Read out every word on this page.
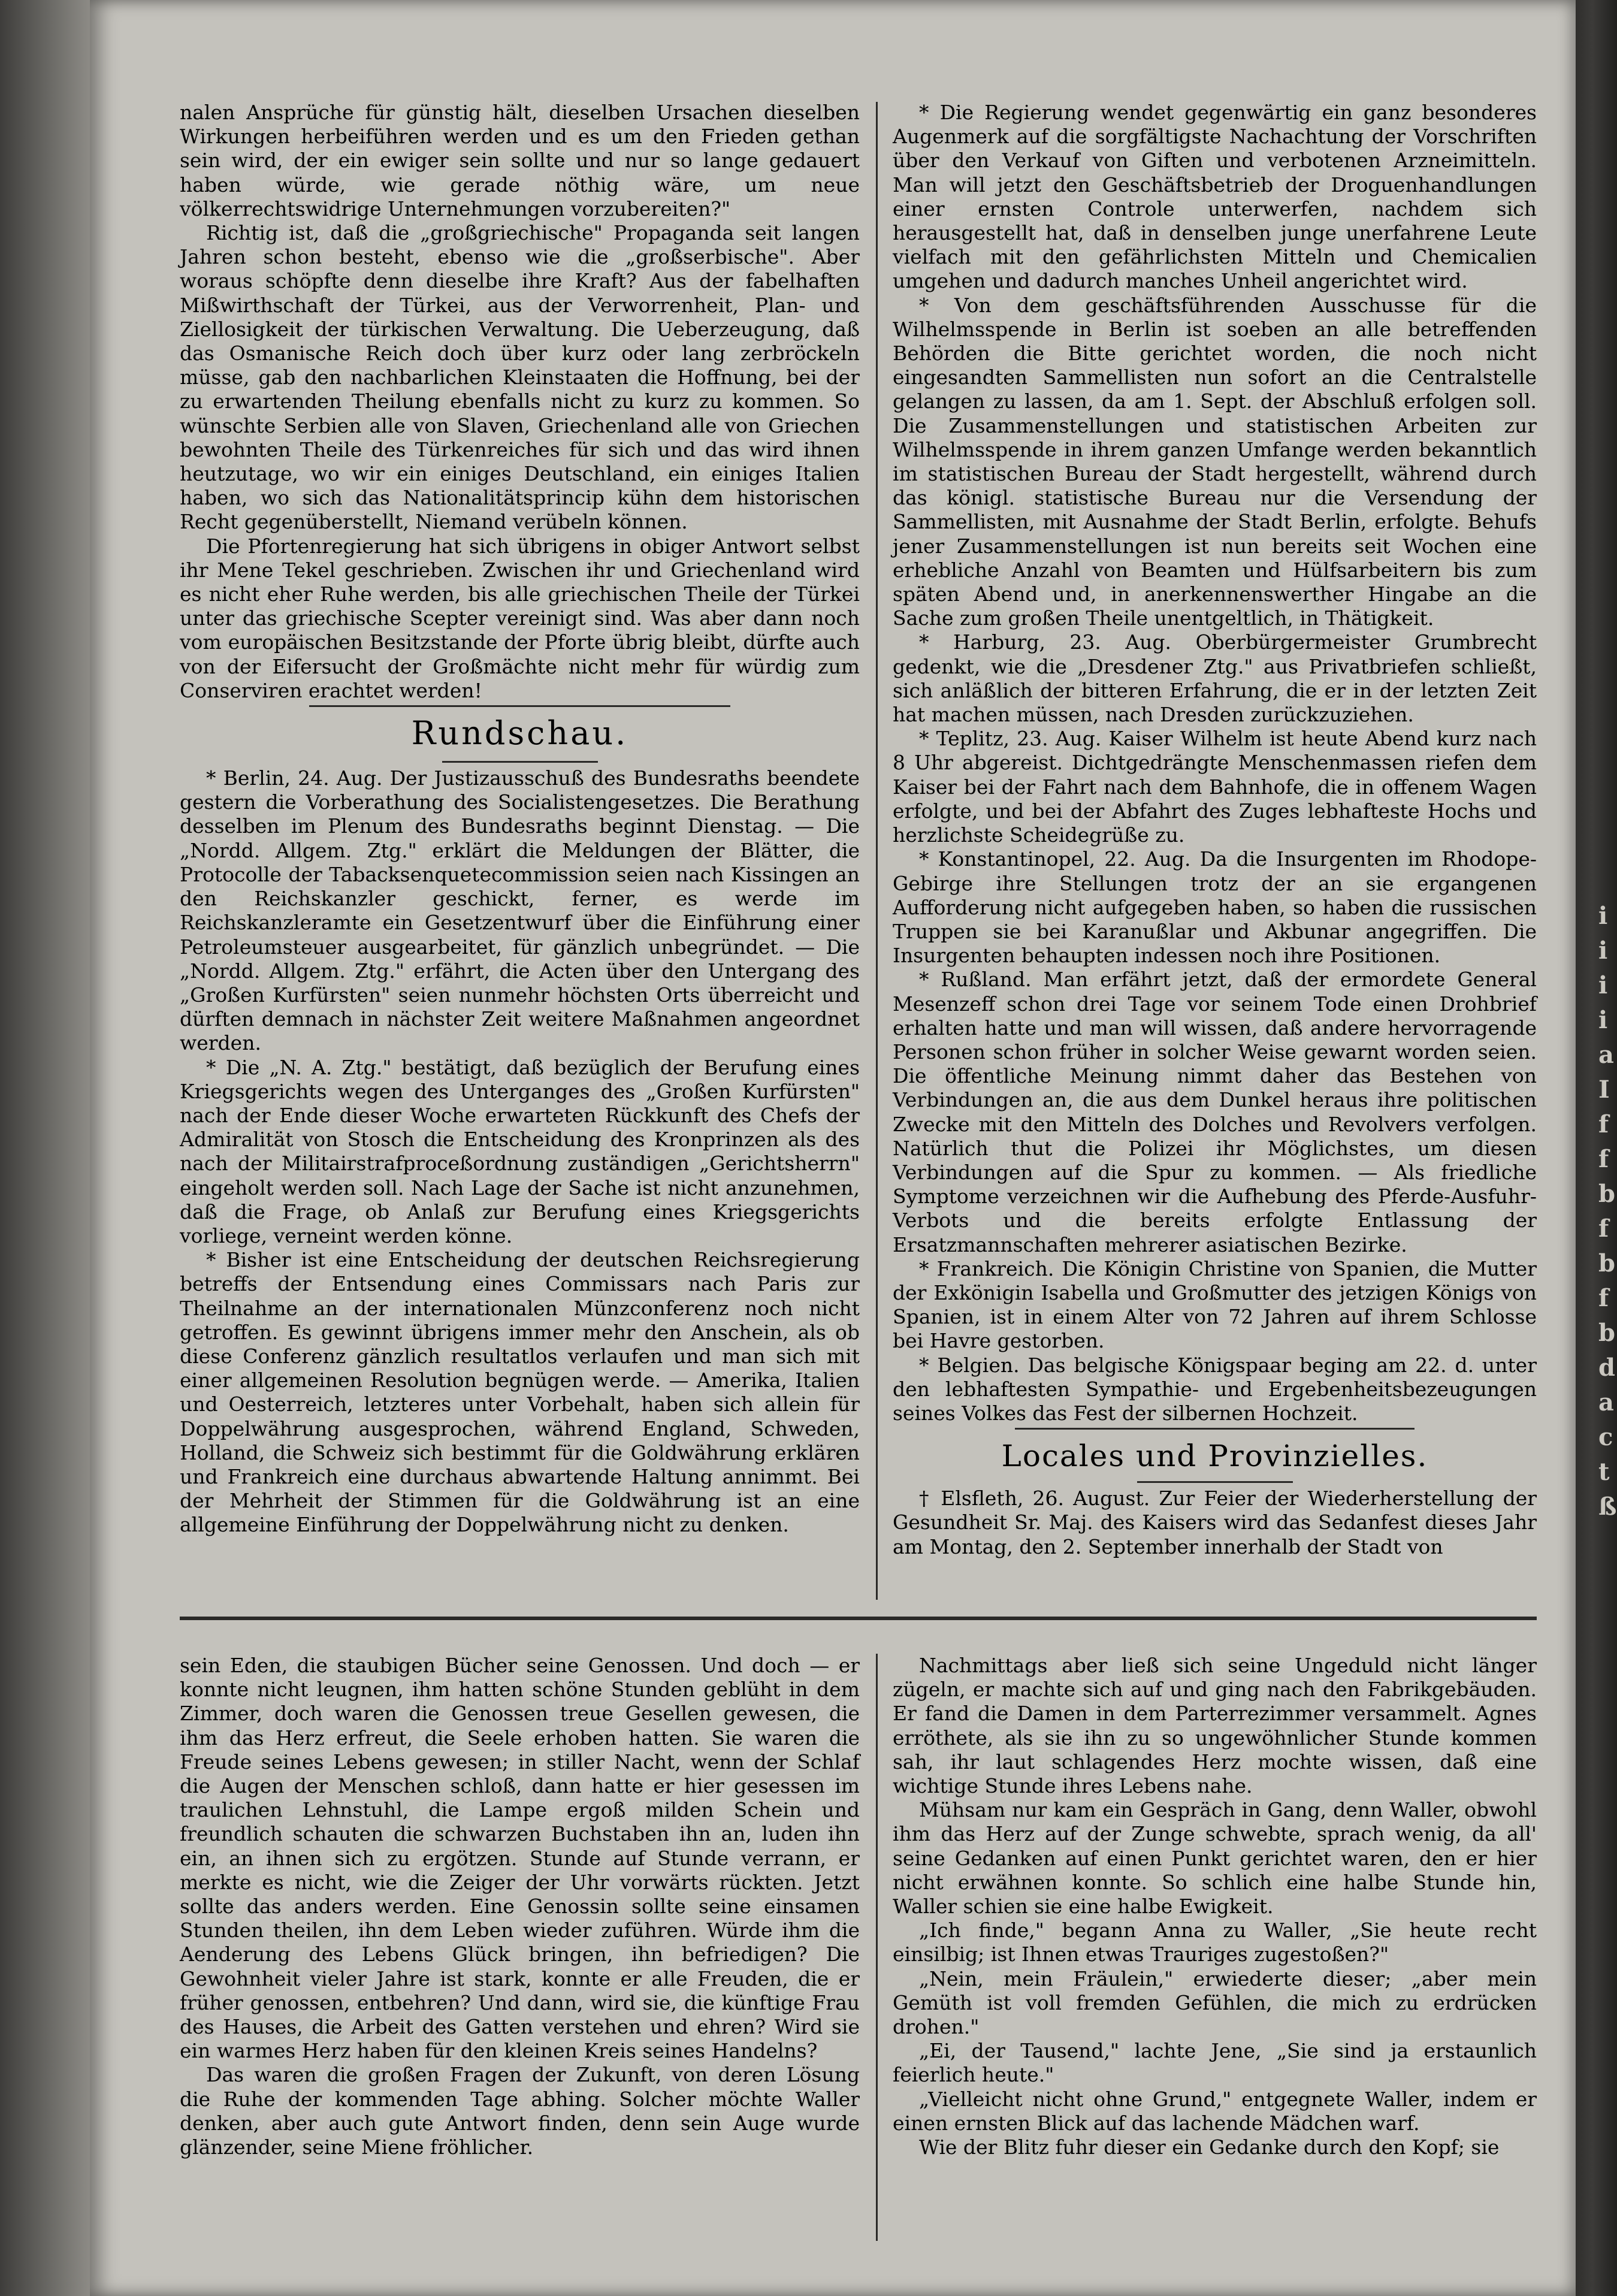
nalen Ansprüche für günstig hält, dieselben Ursachen dieselben Wirkungen herbeiführen werden und es um den Frieden gethan sein wird, der ein ewiger sein sollte und nur so lange gedauert haben würde, wie gerade nöthig wäre, um neue völkerrechtswidrige Unternehmungen vorzubereiten?"

Richtig ist, daß die „großgriechische" Propaganda seit langen Jahren schon besteht, ebenso wie die „großserbische". Aber woraus schöpfte denn dieselbe ihre Kraft? Aus der fabelhaften Mißwirthschaft der Türkei, aus der Verworrenheit, Plan- und Ziellosigkeit der türkischen Verwaltung. Die Ueberzeugung, daß das Osmanische Reich doch über kurz oder lang zerbröckeln müsse, gab den nachbarlichen Kleinstaaten die Hoffnung, bei der zu erwartenden Theilung ebenfalls nicht zu kurz zu kommen. So wünschte Serbien alle von Slaven, Griechenland alle von Griechen bewohnten Theile des Türkenreiches für sich und das wird ihnen heutzutage, wo wir ein einiges Deutschland, ein einiges Italien haben, wo sich das Nationalitätsprincip kühn dem historischen Recht gegenüberstellt, Niemand verübeln können.

Die Pfortenregierung hat sich übrigens in obiger Antwort selbst ihr Mene Tekel geschrieben. Zwischen ihr und Griechenland wird es nicht eher Ruhe werden, bis alle griechischen Theile der Türkei unter das griechische Scepter vereinigt sind. Was aber dann noch vom europäischen Besitzstande der Pforte übrig bleibt, dürfte auch von der Eifersucht der Großmächte nicht mehr für würdig zum Conserviren erachtet werden!

Rundschau.

* Berlin, 24. Aug. Der Justizausschuß des Bundesraths beendete gestern die Vorberathung des Socialistengesetzes. Die Berathung desselben im Plenum des Bundesraths beginnt Dienstag. — Die „Nordd. Allgem. Ztg." erklärt die Meldungen der Blätter, die Protocolle der Tabacksenquetecommission seien nach Kissingen an den Reichskanzler geschickt, ferner, es werde im Reichskanzleramte ein Gesetzentwurf über die Einführung einer Petroleumsteuer ausgearbeitet, für gänzlich unbegründet. — Die „Nordd. Allgem. Ztg." erfährt, die Acten über den Untergang des „Großen Kurfürsten" seien nunmehr höchsten Orts überreicht und dürften demnach in nächster Zeit weitere Maßnahmen angeordnet werden.

* Die „N. A. Ztg." bestätigt, daß bezüglich der Berufung eines Kriegsgerichts wegen des Unterganges des „Großen Kurfürsten" nach der Ende dieser Woche erwarteten Rückkunft des Chefs der Admiralität von Stosch die Entscheidung des Kronprinzen als des nach der Militairstrafproceßordnung zuständigen „Gerichtsherrn" eingeholt werden soll. Nach Lage der Sache ist nicht anzunehmen, daß die Frage, ob Anlaß zur Berufung eines Kriegsgerichts vorliege, verneint werden könne.

* Bisher ist eine Entscheidung der deutschen Reichsregierung betreffs der Entsendung eines Commissars nach Paris zur Theilnahme an der internationalen Münzconferenz noch nicht getroffen. Es gewinnt übrigens immer mehr den Anschein, als ob diese Conferenz gänzlich resultatlos verlaufen und man sich mit einer allgemeinen Resolution begnügen werde. — Amerika, Italien und Oesterreich, letzteres unter Vorbehalt, haben sich allein für Doppelwährung ausgesprochen, während England, Schweden, Holland, die Schweiz sich bestimmt für die Goldwährung erklären und Frankreich eine durchaus abwartende Haltung annimmt. Bei der Mehrheit der Stimmen für die Goldwährung ist an eine allgemeine Einführung der Doppelwährung nicht zu denken.

* Die Regierung wendet gegenwärtig ein ganz besonderes Augenmerk auf die sorgfältigste Nachachtung der Vorschriften über den Verkauf von Giften und verbotenen Arzneimitteln. Man will jetzt den Geschäftsbetrieb der Droguenhandlungen einer ernsten Controle unterwerfen, nachdem sich herausgestellt hat, daß in denselben junge unerfahrene Leute vielfach mit den gefährlichsten Mitteln und Chemicalien umgehen und dadurch manches Unheil angerichtet wird.

* Von dem geschäftsführenden Ausschusse für die Wilhelmsspende in Berlin ist soeben an alle betreffenden Behörden die Bitte gerichtet worden, die noch nicht eingesandten Sammellisten nun sofort an die Centralstelle gelangen zu lassen, da am 1. Sept. der Abschluß erfolgen soll. Die Zusammenstellungen und statistischen Arbeiten zur Wilhelmsspende in ihrem ganzen Umfange werden bekanntlich im statistischen Bureau der Stadt hergestellt, während durch das königl. statistische Bureau nur die Versendung der Sammellisten, mit Ausnahme der Stadt Berlin, erfolgte. Behufs jener Zusammenstellungen ist nun bereits seit Wochen eine erhebliche Anzahl von Beamten und Hülfsarbeitern bis zum späten Abend und, in anerkennenswerther Hingabe an die Sache zum großen Theile unentgeltlich, in Thätigkeit.

* Harburg, 23. Aug. Oberbürgermeister Grumbrecht gedenkt, wie die „Dresdener Ztg." aus Privatbriefen schließt, sich anläßlich der bitteren Erfahrung, die er in der letzten Zeit hat machen müssen, nach Dresden zurückzuziehen.

* Teplitz, 23. Aug. Kaiser Wilhelm ist heute Abend kurz nach 8 Uhr abgereist. Dichtgedrängte Menschenmassen riefen dem Kaiser bei der Fahrt nach dem Bahnhofe, die in offenem Wagen erfolgte, und bei der Abfahrt des Zuges lebhafteste Hochs und herzlichste Scheidegrüße zu.

* Konstantinopel, 22. Aug. Da die Insurgenten im Rhodope-Gebirge ihre Stellungen trotz der an sie ergangenen Aufforderung nicht aufgegeben haben, so haben die russischen Truppen sie bei Karanußlar und Akbunar angegriffen. Die Insurgenten behaupten indessen noch ihre Positionen.

* Rußland. Man erfährt jetzt, daß der ermordete General Mesenzeff schon drei Tage vor seinem Tode einen Drohbrief erhalten hatte und man will wissen, daß andere hervorragende Personen schon früher in solcher Weise gewarnt worden seien. Die öffentliche Meinung nimmt daher das Bestehen von Verbindungen an, die aus dem Dunkel heraus ihre politischen Zwecke mit den Mitteln des Dolches und Revolvers verfolgen. Natürlich thut die Polizei ihr Möglichstes, um diesen Verbindungen auf die Spur zu kommen. — Als friedliche Symptome verzeichnen wir die Aufhebung des Pferde-Ausfuhr-Verbots und die bereits erfolgte Entlassung der Ersatzmannschaften mehrerer asiatischen Bezirke.

* Frankreich. Die Königin Christine von Spanien, die Mutter der Exkönigin Isabella und Großmutter des jetzigen Königs von Spanien, ist in einem Alter von 72 Jahren auf ihrem Schlosse bei Havre gestorben.

* Belgien. Das belgische Königspaar beging am 22. d. unter den lebhaftesten Sympathie- und Ergebenheitsbezeugungen seines Volkes das Fest der silbernen Hochzeit.

Locales und Provinzielles.

† Elsfleth, 26. August. Zur Feier der Wiederherstellung der Gesundheit Sr. Maj. des Kaisers wird das Sedanfest dieses Jahr am Montag, den 2. September innerhalb der Stadt von

sein Eden, die staubigen Bücher seine Genossen. Und doch — er konnte nicht leugnen, ihm hatten schöne Stunden geblüht in dem Zimmer, doch waren die Genossen treue Gesellen gewesen, die ihm das Herz erfreut, die Seele erhoben hatten. Sie waren die Freude seines Lebens gewesen; in stiller Nacht, wenn der Schlaf die Augen der Menschen schloß, dann hatte er hier gesessen im traulichen Lehnstuhl, die Lampe ergoß milden Schein und freundlich schauten die schwarzen Buchstaben ihn an, luden ihn ein, an ihnen sich zu ergötzen. Stunde auf Stunde verrann, er merkte es nicht, wie die Zeiger der Uhr vorwärts rückten. Jetzt sollte das anders werden. Eine Genossin sollte seine einsamen Stunden theilen, ihn dem Leben wieder zuführen. Würde ihm die Aenderung des Lebens Glück bringen, ihn befriedigen? Die Gewohnheit vieler Jahre ist stark, konnte er alle Freuden, die er früher genossen, entbehren? Und dann, wird sie, die künftige Frau des Hauses, die Arbeit des Gatten verstehen und ehren? Wird sie ein warmes Herz haben für den kleinen Kreis seines Handelns?

Das waren die großen Fragen der Zukunft, von deren Lösung die Ruhe der kommenden Tage abhing. Solcher möchte Waller denken, aber auch gute Antwort finden, denn sein Auge wurde glänzender, seine Miene fröhlicher.

Nachmittags aber ließ sich seine Ungeduld nicht länger zügeln, er machte sich auf und ging nach den Fabrikgebäuden. Er fand die Damen in dem Parterrezimmer versammelt. Agnes erröthete, als sie ihn zu so ungewöhnlicher Stunde kommen sah, ihr laut schlagendes Herz mochte wissen, daß eine wichtige Stunde ihres Lebens nahe.

Mühsam nur kam ein Gespräch in Gang, denn Waller, obwohl ihm das Herz auf der Zunge schwebte, sprach wenig, da all' seine Gedanken auf einen Punkt gerichtet waren, den er hier nicht erwähnen konnte. So schlich eine halbe Stunde hin, Waller schien sie eine halbe Ewigkeit.

„Ich finde," begann Anna zu Waller, „Sie heute recht einsilbig; ist Ihnen etwas Trauriges zugestoßen?"

„Nein, mein Fräulein," erwiederte dieser; „aber mein Gemüth ist voll fremden Gefühlen, die mich zu erdrücken drohen."

„Ei, der Tausend," lachte Jene, „Sie sind ja erstaunlich feierlich heute."

„Vielleicht nicht ohne Grund," entgegnete Waller, indem er einen ernsten Blick auf das lachende Mädchen warf.

Wie der Blitz fuhr dieser ein Gedanke durch den Kopf; sie

i
i
i
i
a
I
f
f
b
f
b
f
b
d
a
c
t
ß
